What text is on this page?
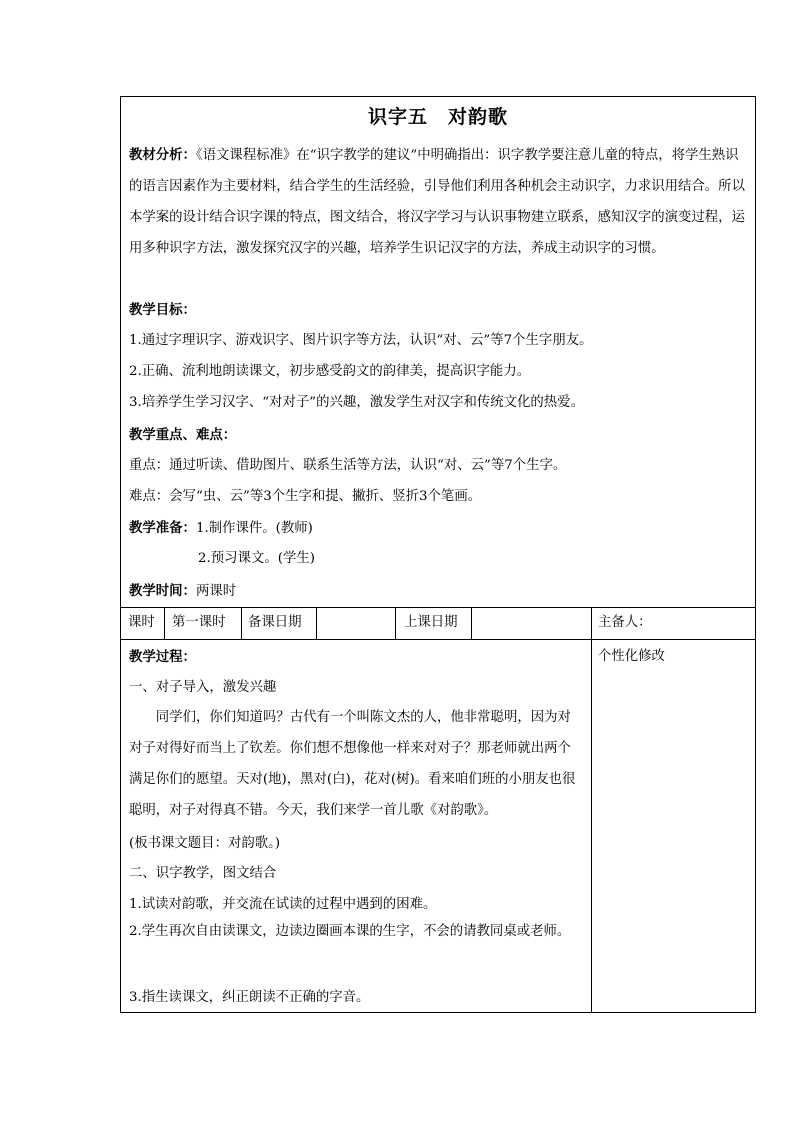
识字五 对韵歌
教材分析：《语文课程标准》在“识字教学的建议”中明确指出：识字教学要注意儿童的特点，将学生熟识的语言因素作为主要材料，结合学生的生活经验，引导他们利用各种机会主动识字，力求识用结合。所以本学案的设计结合识字课的特点，图文结合，将汉字学习与认识事物建立联系，感知汉字的演变过程，运用多种识字方法，激发探究汉字的兴趣，培养学生识记汉字的方法，养成主动识字的习惯。
教学目标：
1.通过字理识字、游戏识字、图片识字等方法，认识“对、云”等7个生字朋友。
2.正确、流利地朗读课文，初步感受韵文的韵律美，提高识字能力。
3.培养学生学习汉字、“对对子”的兴趣，激发学生对汉字和传统文化的热爱。
教学重点、难点：
重点：通过听读、借助图片、联系生活等方法，认识“对、云”等7个生字。
难点：会写“虫、云”等3个生字和提、撇折、竖折3个笔画。
教学准备：1.制作课件。(教师)
2.预习课文。(学生)
教学时间：两课时
课时 第一课时 备课日期	上课日期	主备人：
教学过程：	个性化修改
一、对子导入，激发兴趣
同学们，你们知道吗？古代有一个叫陈文杰的人，他非常聪明，因为对对子对得好而当上了钦差。你们想不想像他一样来对对子？那老师就出两个满足你们的愿望。天对(地)，黑对(白)，花对(树)。看来咱们班的小朋友也很聪明，对子对得真不错。今天，我们来学一首儿歌《对韵歌》。
(板书课文题目：对韵歌。)
二、识字教学，图文结合
1.试读对韵歌，并交流在试读的过程中遇到的困难。
2.学生再次自由读课文，边读边圈画本课的生字，不会的请教同桌或老师。
3.指生读课文，纠正朗读不正确的字音。
